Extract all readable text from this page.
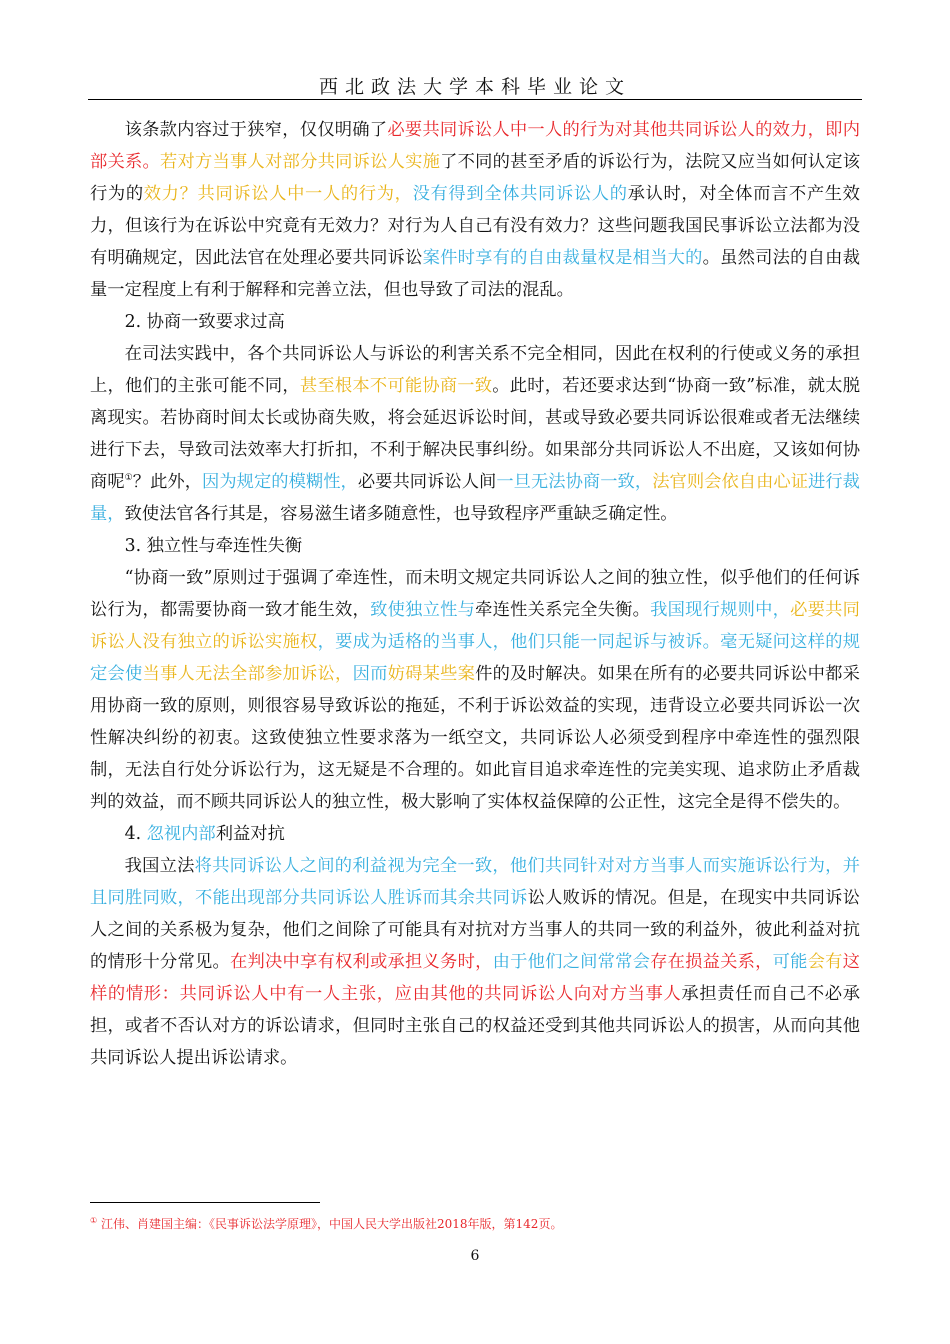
西北政法大学本科毕业论文

该条款内容过于狭窄，仅仅明确了必要共同诉讼人中一人的行为对其他共同诉讼人的效力，即内部关系。若对方当事人对部分共同诉讼人实施了不同的甚至矛盾的诉讼行为，法院又应当如何认定该行为的效力？共同诉讼人中一人的行为，没有得到全体共同诉讼人的承认时，对全体而言不产生效力，但该行为在诉讼中究竟有无效力？对行为人自己有没有效力？这些问题我国民事诉讼立法都为没有明确规定，因此法官在处理必要共同诉讼案件时享有的自由裁量权是相当大的。虽然司法的自由裁量一定程度上有利于解释和完善立法，但也导致了司法的混乱。

2. 协商一致要求过高

在司法实践中，各个共同诉讼人与诉讼的利害关系不完全相同，因此在权利的行使或义务的承担上，他们的主张可能不同，甚至根本不可能协商一致。此时，若还要求达到“协商一致”标准，就太脱离现实。若协商时间太长或协商失败，将会延迟诉讼时间，甚或导致必要共同诉讼很难或者无法继续进行下去，导致司法效率大打折扣，不利于解决民事纠纷。如果部分共同诉讼人不出庭，又该如何协商呢①？此外，因为规定的模糊性，必要共同诉讼人间一旦无法协商一致，法官则会依自由心证进行裁量，致使法官各行其是，容易滋生诸多随意性，也导致程序严重缺乏确定性。

3. 独立性与牵连性失衡

“协商一致”原则过于强调了牵连性，而未明文规定共同诉讼人之间的独立性，似乎他们的任何诉讼行为，都需要协商一致才能生效，致使独立性与牵连性关系完全失衡。我国现行规则中，必要共同诉讼人没有独立的诉讼实施权，要成为适格的当事人，他们只能一同起诉与被诉。毫无疑问这样的规定会使当事人无法全部参加诉讼，因而妨碍某些案件的及时解决。如果在所有的必要共同诉讼中都采用协商一致的原则，则很容易导致诉讼的拖延，不利于诉讼效益的实现，违背设立必要共同诉讼一次性解决纠纷的初衷。这致使独立性要求落为一纸空文，共同诉讼人必须受到程序中牵连性的强烈限制，无法自行处分诉讼行为，这无疑是不合理的。如此盲目追求牵连性的完美实现、追求防止矛盾裁判的效益，而不顾共同诉讼人的独立性，极大影响了实体权益保障的公正性，这完全是得不偿失的。

4. 忽视内部利益对抗

我国立法将共同诉讼人之间的利益视为完全一致，他们共同针对对方当事人而实施诉讼行为，并且同胜同败，不能出现部分共同诉讼人胜诉而其余共同诉讼人败诉的情况。但是，在现实中共同诉讼人之间的关系极为复杂，他们之间除了可能具有对抗对方当事人的共同一致的利益外，彼此利益对抗的情形十分常见。在判决中享有权利或承担义务时，由于他们之间常常会存在损益关系，可能会有这样的情形：共同诉讼人中有一人主张，应由其他的共同诉讼人向对方当事人承担责任而自己不必承担，或者不否认对方的诉讼请求，但同时主张自己的权益还受到其他共同诉讼人的损害，从而向其他共同诉讼人提出诉讼请求。

① 江伟、肖建国主编：《民事诉讼法学原理》，中国人民大学出版社2018年版，第142页。
6
